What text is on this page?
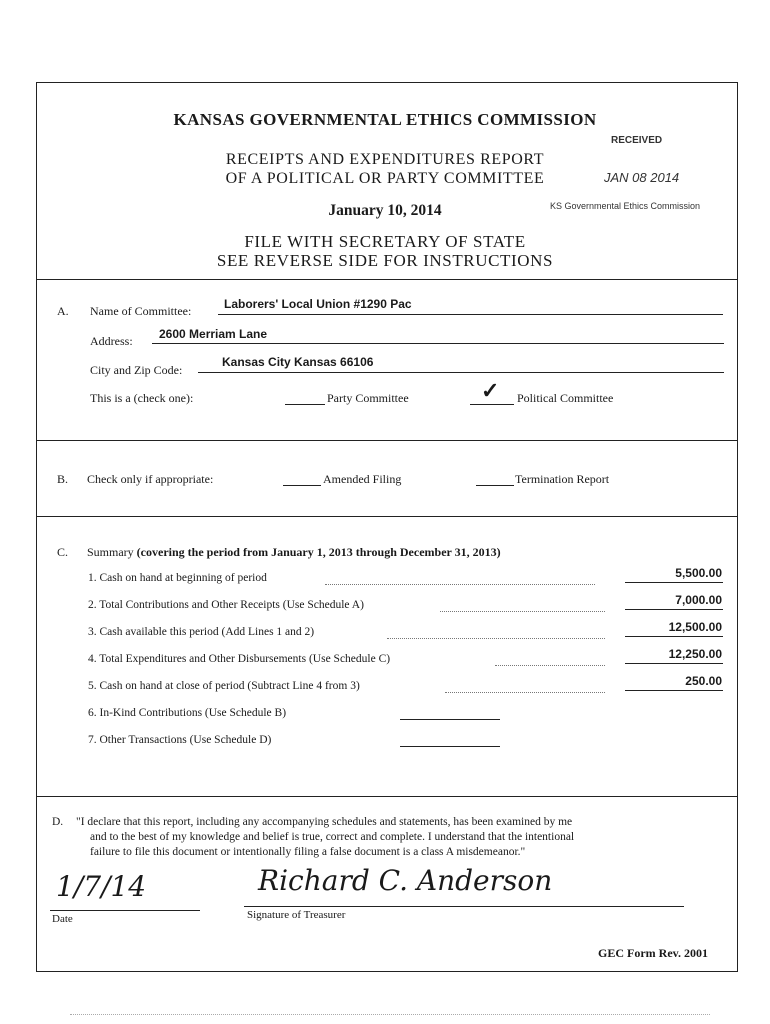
KANSAS GOVERNMENTAL ETHICS COMMISSION
RECEIVED
RECEIPTS AND EXPENDITURES REPORT
OF A POLITICAL OR PARTY COMMITTEE	JAN 08 2014
January 10, 2014	KS Governmental Ethics Commission
FILE WITH SECRETARY OF STATE
SEE REVERSE SIDE FOR INSTRUCTIONS
A. Name of Committee:	Laborers' Local Union #1290 Pac
Address: 2600 Merriam Lane
City and Zip Code:
Kansas City Kansas 66106
This is a (check one):	Party Committee	✓ Political Committee
B. Check only if appropriate:	Amended Filing	Termination Report
C. Summary (covering the period from January 1, 2013 through December 31, 2013)
1. Cash on hand at beginning of period	5,500.00
2. Total Contributions and Other Receipts (Use Schedule A)	7,000.00
3. Cash available this period (Add Lines 1 and 2)	12,500.00
4. Total Expenditures and Other Disbursements (Use Schedule C)	12,250.00
5. Cash on hand at close of period (Subtract Line 4 from 3)	250.00
6. In-Kind Contributions (Use Schedule B)
7. Other Transactions (Use Schedule D)
D. "I declare that this report, including any accompanying schedules and statements, has been examined by me
and to the best of my knowledge and belief is true, correct and complete. I understand that the intentional
failure to file this document or intentionally filing a false document is a class A misdemeanor."
1/7/14
Date
Richard C. Anderson
Signature of Treasurer
GEC Form Rev. 2001
